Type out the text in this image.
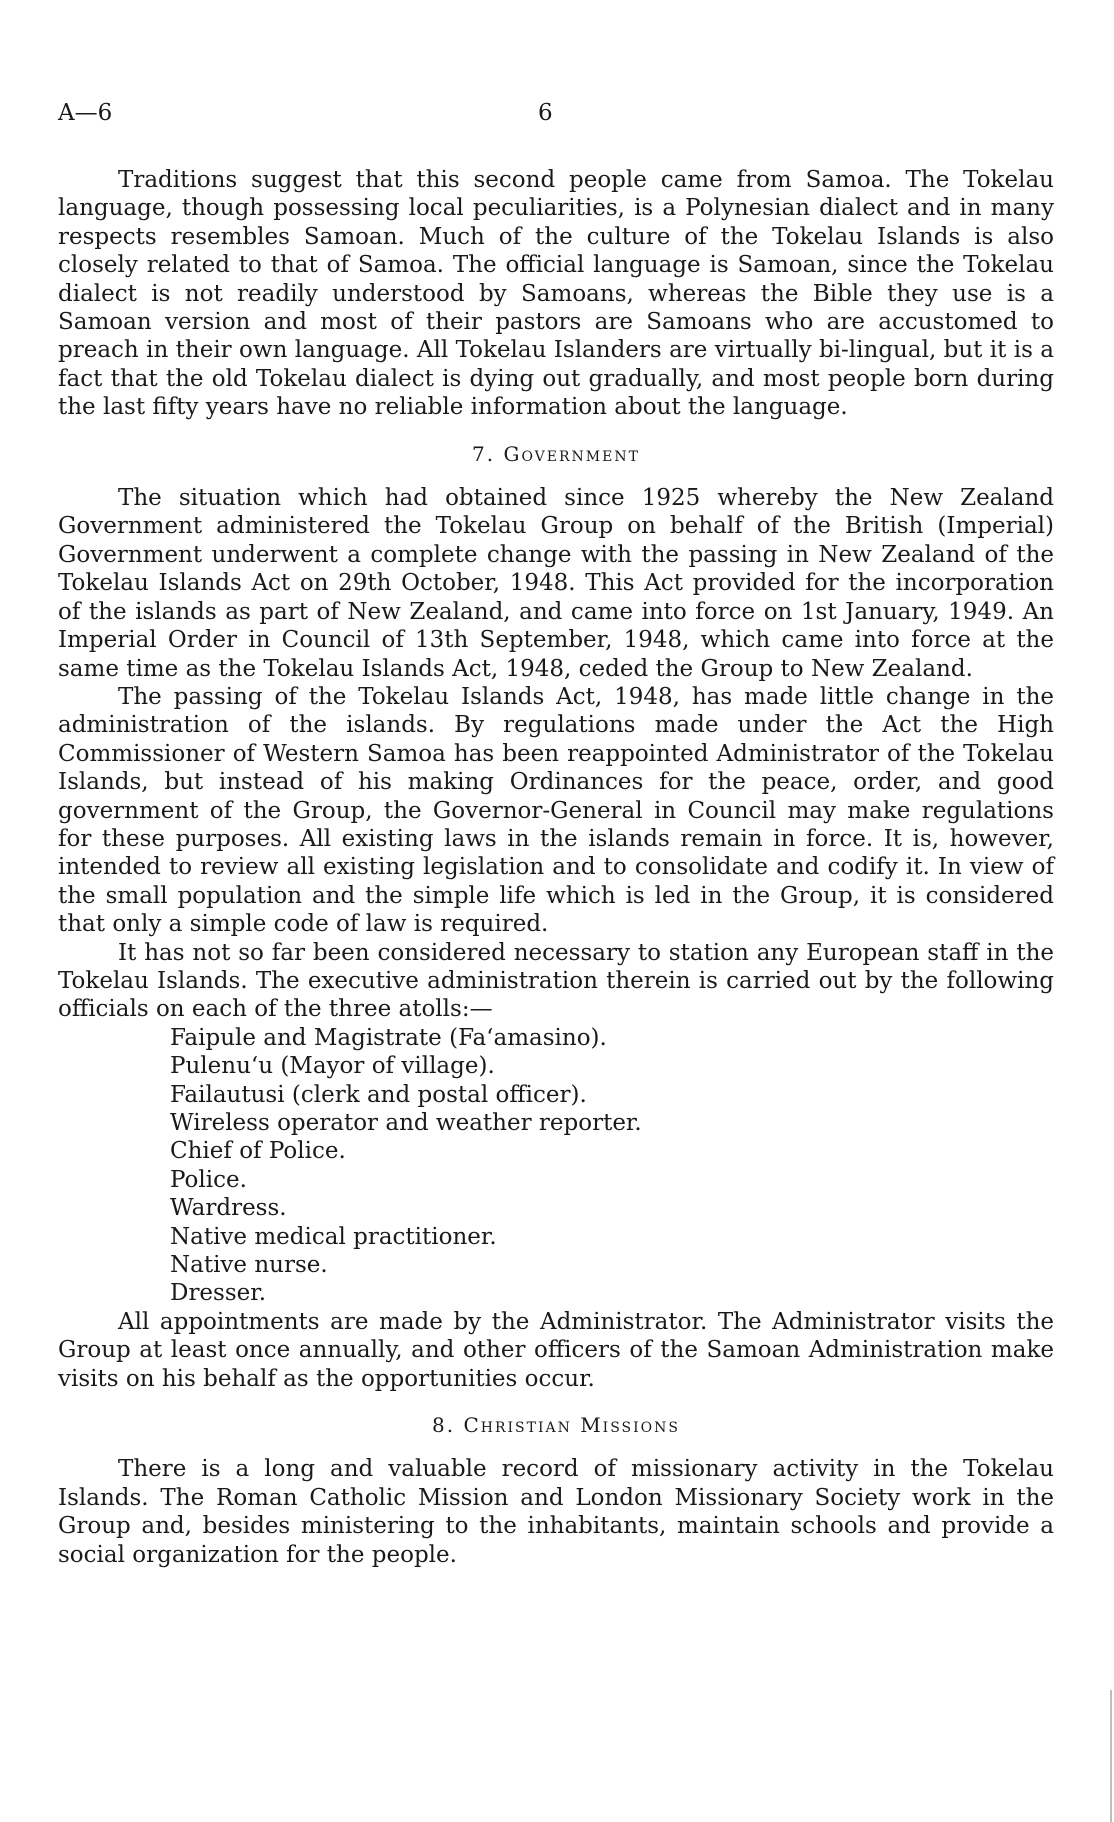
A—6	6

Traditions suggest that this second people came from Samoa. The Tokelau language, though possessing local peculiarities, is a Polynesian dialect and in many respects resembles Samoan. Much of the culture of the Tokelau Islands is also closely related to that of Samoa. The official language is Samoan, since the Tokelau dialect is not readily understood by Samoans, whereas the Bible they use is a Samoan version and most of their pastors are Samoans who are accustomed to preach in their own language. All Tokelau Islanders are virtually bi-lingual, but it is a fact that the old Tokelau dialect is dying out gradually, and most people born during the last fifty years have no reliable information about the language.

7. Government

The situation which had obtained since 1925 whereby the New Zealand Government administered the Tokelau Group on behalf of the British (Imperial) Government underwent a complete change with the passing in New Zealand of the Tokelau Islands Act on 29th October, 1948. This Act provided for the incorporation of the islands as part of New Zealand, and came into force on 1st January, 1949. An Imperial Order in Council of 13th September, 1948, which came into force at the same time as the Tokelau Islands Act, 1948, ceded the Group to New Zealand.

The passing of the Tokelau Islands Act, 1948, has made little change in the administration of the islands. By regulations made under the Act the High Commissioner of Western Samoa has been reappointed Administrator of the Tokelau Islands, but instead of his making Ordinances for the peace, order, and good government of the Group, the Governor-General in Council may make regulations for these purposes. All existing laws in the islands remain in force. It is, however, intended to review all existing legislation and to consolidate and codify it. In view of the small population and the simple life which is led in the Group, it is considered that only a simple code of law is required.

It has not so far been considered necessary to station any European staff in the Tokelau Islands. The executive administration therein is carried out by the following officials on each of the three atolls:—

Faipule and Magistrate (Fa‘amasino).
Pulenu‘u (Mayor of village).
Failautusi (clerk and postal officer).
Wireless operator and weather reporter.
Chief of Police.
Police.
Wardress.
Native medical practitioner.
Native nurse.
Dresser.

All appointments are made by the Administrator. The Administrator visits the Group at least once annually, and other officers of the Samoan Administration make visits on his behalf as the opportunities occur.

8. Christian Missions

There is a long and valuable record of missionary activity in the Tokelau Islands. The Roman Catholic Mission and London Missionary Society work in the Group and, besides ministering to the inhabitants, maintain schools and provide a social organization for the people.
